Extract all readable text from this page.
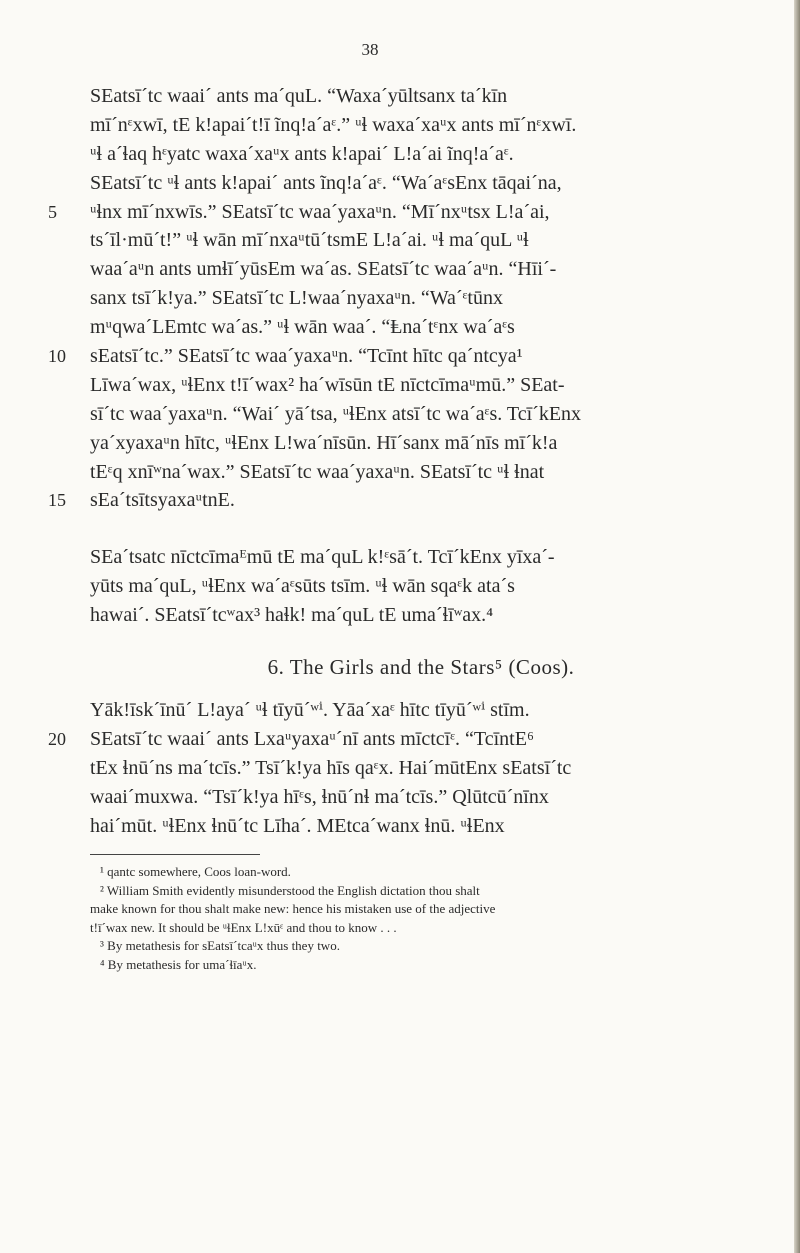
38
SEatsī´tc waai´ ants ma´quL. “Waxa´yūltsanx ta´kīn
mī´nᵋxwī, tE k!apai´t!ī ĩnq!a´aᵋ.” ᵘɬ waxa´xaᵘx ants mī´nᵋxwī.
ᵘɬ a´ɬaq hᵋyatc waxa´xaᵘx ants k!apai´ L!a´ai ĩnq!a´aᵋ.
SEatsī´tc ᵘɬ ants k!apai´ ants ĩnq!a´aᵋ. “Wa´aᵋsEnx tāqai´na,
5	ᵘɬnx mī´nxwīs.” SEatsī´tc waa´yaxaᵘn. “Mī´nxᵘtsx L!a´ai,
ts´īl·mū´t!” ᵘɬ wān mī´nxaᵘtū´tsmE L!a´ai. ᵘɬ ma´quL ᵘɬ
waa´aᵘn ants umɬī´yūsEm wa´as. SEatsī´tc waa´aᵘn. “Hīi´-
sanx tsī´k!ya.” SEatsī´tc L!waa´nyaxaᵘn. “Wa´ᵋtūnx
mᵘqwa´LEmtc wa´as.” ᵘɬ wān waa´. “Ⱡna´tᵋnx wa´aᵋs
10	sEatsī´tc.” SEatsī´tc waa´yaxaᵘn. “Tcīnt hītc qa´ntcya¹
Līwa´wax, ᵘɬEnx t!ī´wax² ha´wīsūn tE nīctcīmaᵘmū.” SEat-
sī´tc waa´yaxaᵘn. “Wai´ yā´tsa, ᵘɬEnx atsī´tc wa´aᵋs. Tcī´kEnx
ya´xyaxaᵘn hītc, ᵘɬEnx L!wa´nīsūn. Hī´sanx mā´nīs mī´k!a
tEᵋq xnīʷna´wax.” SEatsī´tc waa´yaxaᵘn. SEatsī´tc ᵘɬ ɬnat
15	sEa´tsītsyaxaᵘtnE.
SEa´tsatc nīctcīmaᴱmū tE ma´quL k!ᵋsā´t. Tcī´kEnx yīxa´-
yūts ma´quL, ᵘɬEnx wa´aᵋsūts tsīm. ᵘɬ wān sqaᵋk ata´s
hawai´. SEatsī´tcʷax³ haɬk! ma´quL tE uma´ɬīʷax.⁴
6. The Girls and the Stars⁵ (Coos).
Yāk!īsk´īnū´ L!aya´ ᵘɬ tīyū´ʷⁱ. Yāa´xaᵋ hītc tīyū´ʷⁱ stīm.
20	SEatsī´tc waai´ ants Lxaᵘyaxaᵘ´nī ants mīctcīᵋ. “TcīntE⁶
tEx ɬnū´ns ma´tcīs.” Tsī´k!ya hīs qaᵋx. Hai´mūtEnx sEatsī´tc
waai´muxwa. “Tsī´k!ya hīᵋs, ɬnū´nɬ ma´tcīs.” Qlūtcū´nīnx
hai´mūt. ᵘɬEnx ɬnū´tc Līha´. MEtca´wanx ɬnū. ᵘɬEnx
¹ qantc somewhere, Coos loan-word.
² William Smith evidently misunderstood the English dictation thou shalt
make known for thou shalt make new: hence his mistaken use of the adjective
t!ī´wax new. It should be ᵘɬEnx L!xūᵋ and thou to know . . .
³ By metathesis for sEatsī´tcaᵘx thus they two.
⁴ By metathesis for uma´ɬīaᵘx.
